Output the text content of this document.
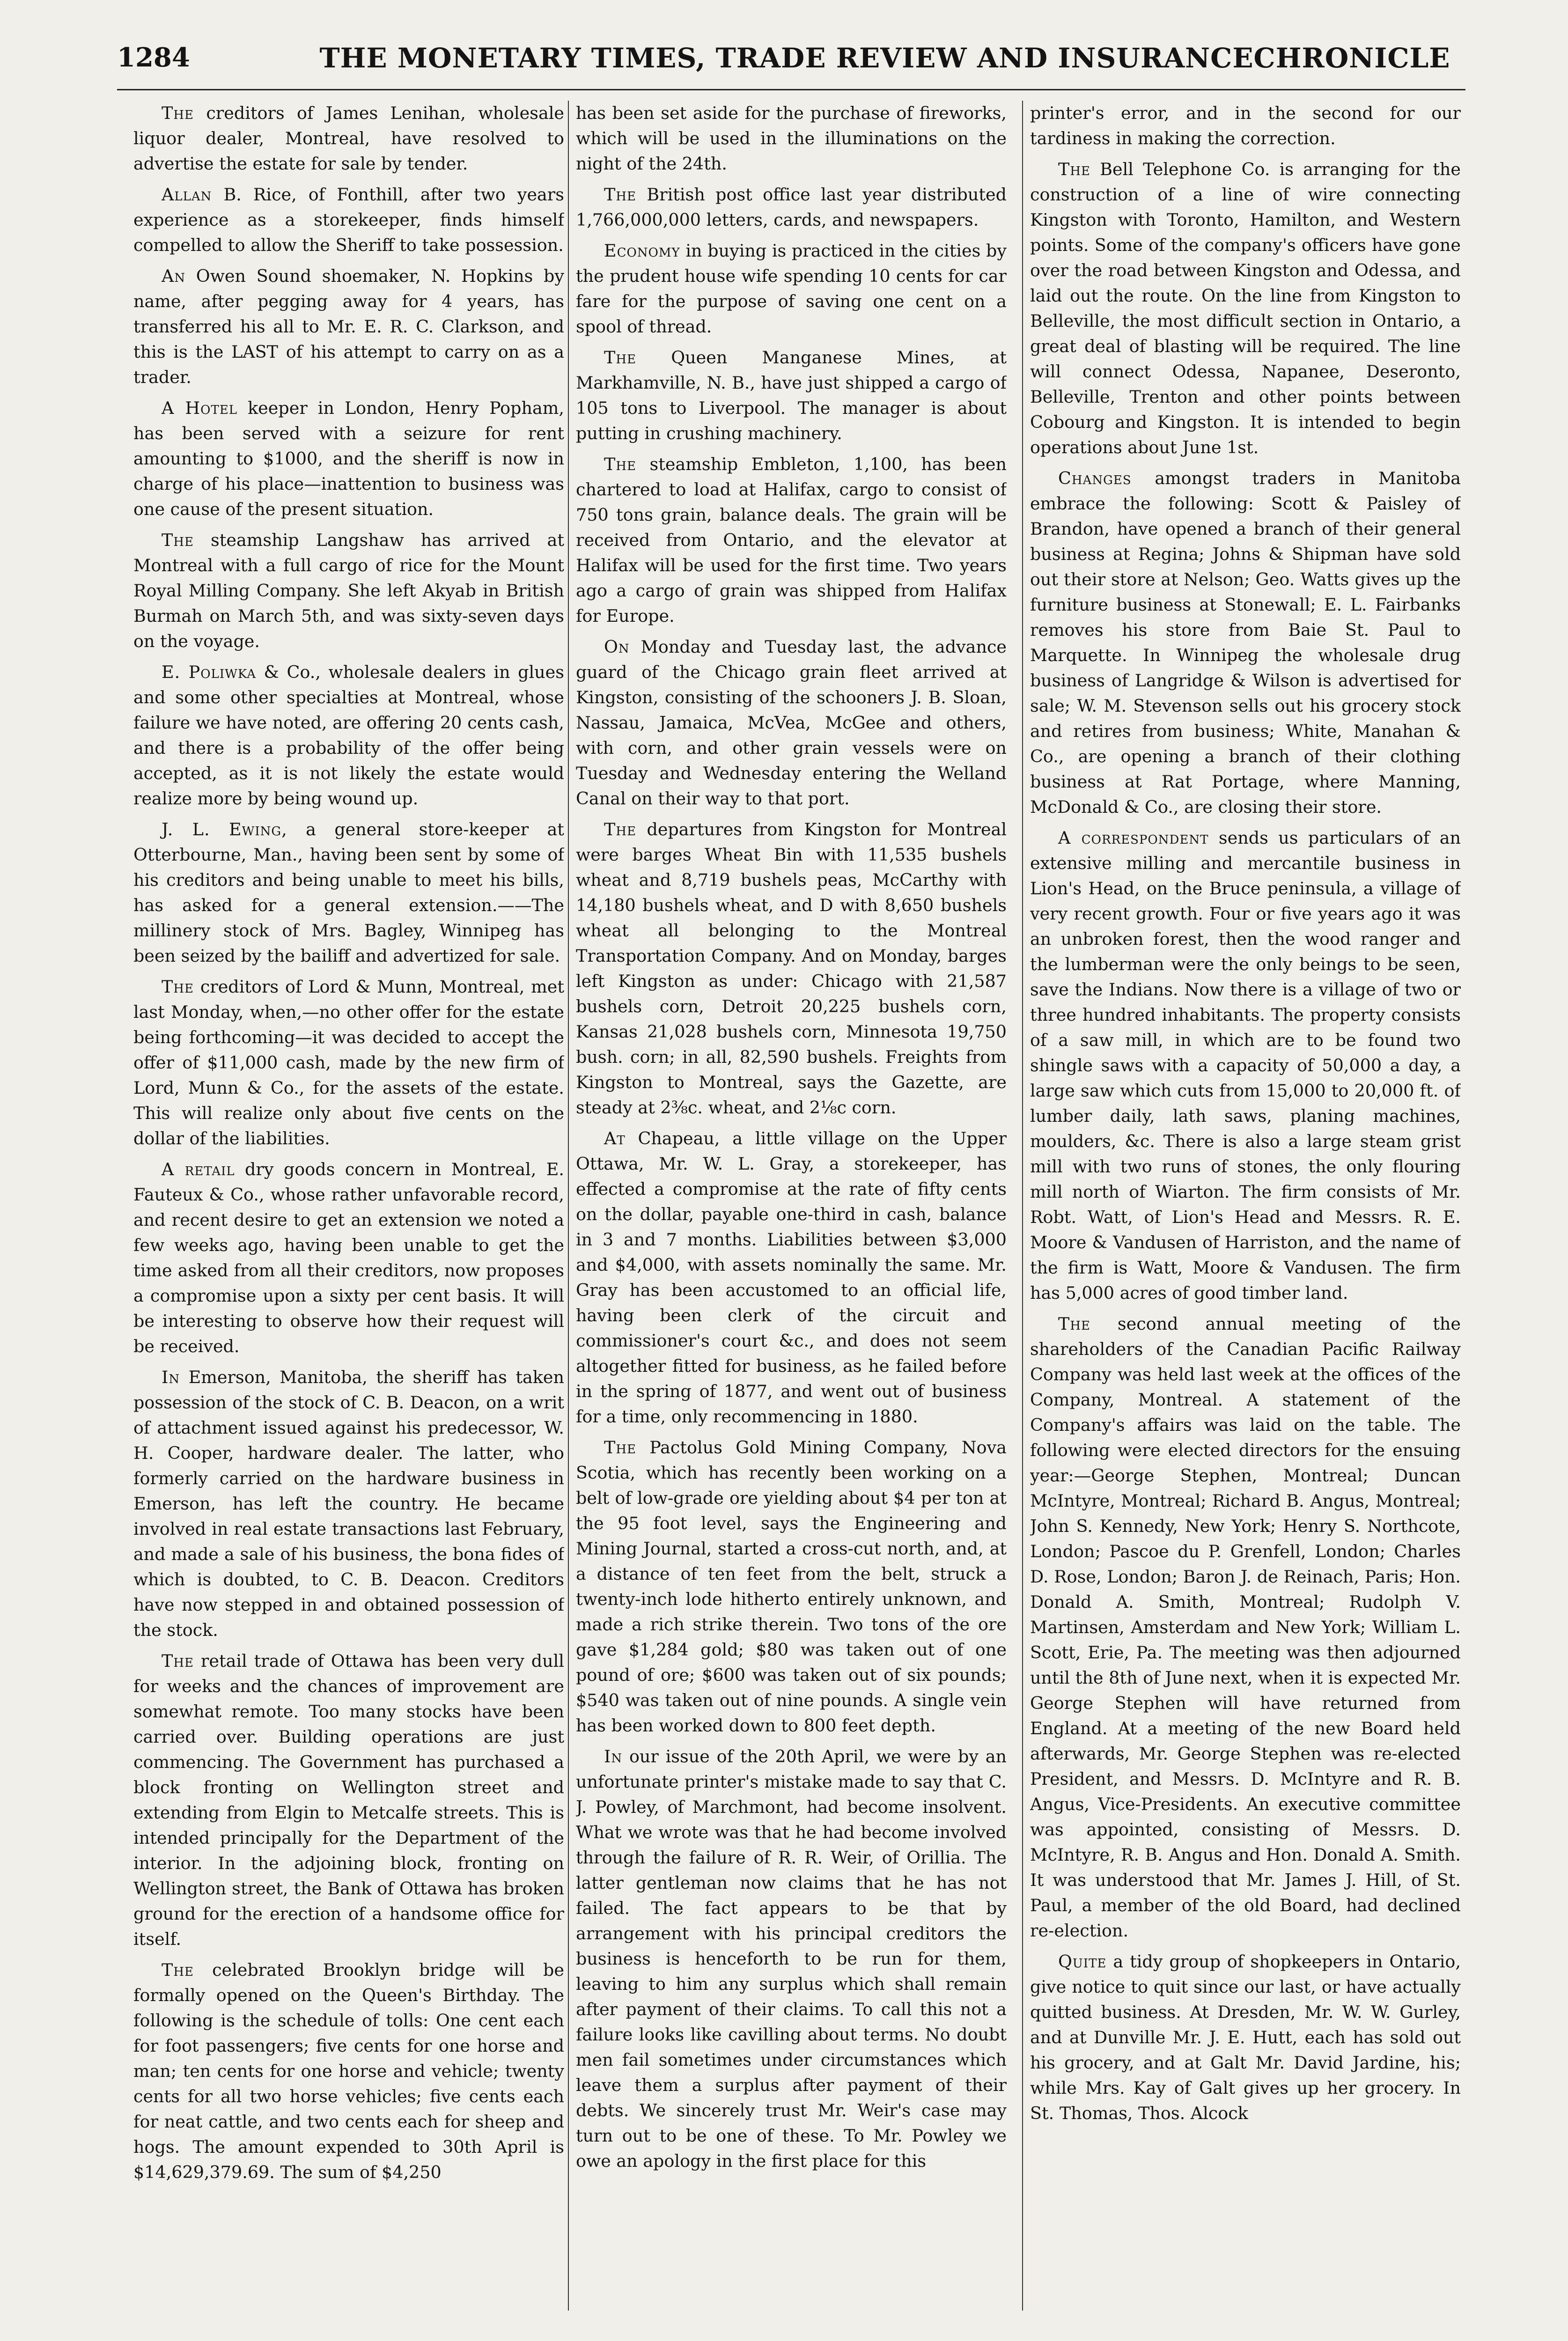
1284	THE MONETARY TIMES, TRADE REVIEW AND INSURANCECHRONICLE

The creditors of James Lenihan, wholesale liquor dealer, Montreal, have resolved to advertise the estate for sale by tender.

Allan B. Rice, of Fonthill, after two years experience as a storekeeper, finds himself compelled to allow the Sheriff to take possession.

An Owen Sound shoemaker, N. Hopkins by name, after pegging away for 4 years, has transferred his all to Mr. E. R. C. Clarkson, and this is the LAST of his attempt to carry on as a trader.

A Hotel keeper in London, Henry Popham, has been served with a seizure for rent amounting to $1000, and the sheriff is now in charge of his place—inattention to business was one cause of the present situation.

The steamship Langshaw has arrived at Montreal with a full cargo of rice for the Mount Royal Milling Company. She left Akyab in British Burmah on March 5th, and was sixty-seven days on the voyage.

E. Poliwka & Co., wholesale dealers in glues and some other specialties at Montreal, whose failure we have noted, are offering 20 cents cash, and there is a probability of the offer being accepted, as it is not likely the estate would realize more by being wound up.

J. L. Ewing, a general store-keeper at Otterbourne, Man., having been sent by some of his creditors and being unable to meet his bills, has asked for a general extension.——The millinery stock of Mrs. Bagley, Winnipeg has been seized by the bailiff and advertized for sale.

The creditors of Lord & Munn, Montreal, met last Monday, when,—no other offer for the estate being forthcoming—it was decided to accept the offer of $11,000 cash, made by the new firm of Lord, Munn & Co., for the assets of the estate. This will realize only about five cents on the dollar of the liabilities.

A retail dry goods concern in Montreal, E. Fauteux & Co., whose rather unfavorable record, and recent desire to get an extension we noted a few weeks ago, having been unable to get the time asked from all their creditors, now proposes a compromise upon a sixty per cent basis. It will be interesting to observe how their request will be received.

In Emerson, Manitoba, the sheriff has taken possession of the stock of C. B. Deacon, on a writ of attachment issued against his predecessor, W. H. Cooper, hardware dealer. The latter, who formerly carried on the hardware business in Emerson, has left the country. He became involved in real estate transactions last February, and made a sale of his business, the bona fides of which is doubted, to C. B. Deacon. Creditors have now stepped in and obtained possession of the stock.

The retail trade of Ottawa has been very dull for weeks and the chances of improvement are somewhat remote. Too many stocks have been carried over. Building operations are just commencing. The Government has purchased a block fronting on Wellington street and extending from Elgin to Metcalfe streets. This is intended principally for the Department of the interior. In the adjoining block, fronting on Wellington street, the Bank of Ottawa has broken ground for the erection of a handsome office for itself.

The celebrated Brooklyn bridge will be formally opened on the Queen's Birthday. The following is the schedule of tolls: One cent each for foot passengers; five cents for one horse and man; ten cents for one horse and vehicle; twenty cents for all two horse vehicles; five cents each for neat cattle, and two cents each for sheep and hogs. The amount expended to 30th April is $14,629,379.69. The sum of $4,250

has been set aside for the purchase of fireworks, which will be used in the illuminations on the night of the 24th.

The British post office last year distributed 1,766,000,000 letters, cards, and newspapers.

Economy in buying is practiced in the cities by the prudent house wife spending 10 cents for car fare for the purpose of saving one cent on a spool of thread.

The Queen Manganese Mines, at Markhamville, N. B., have just shipped a cargo of 105 tons to Liverpool. The manager is about putting in crushing machinery.

The steamship Embleton, 1,100, has been chartered to load at Halifax, cargo to consist of 750 tons grain, balance deals. The grain will be received from Ontario, and the elevator at Halifax will be used for the first time. Two years ago a cargo of grain was shipped from Halifax for Europe.

On Monday and Tuesday last, the advance guard of the Chicago grain fleet arrived at Kingston, consisting of the schooners J. B. Sloan, Nassau, Jamaica, McVea, McGee and others, with corn, and other grain vessels were on Tuesday and Wednesday entering the Welland Canal on their way to that port.

The departures from Kingston for Montreal were barges Wheat Bin with 11,535 bushels wheat and 8,719 bushels peas, McCarthy with 14,180 bushels wheat, and D with 8,650 bushels wheat all belonging to the Montreal Transportation Company. And on Monday, barges left Kingston as under: Chicago with 21,587 bushels corn, Detroit 20,225 bushels corn, Kansas 21,028 bushels corn, Minnesota 19,750 bush. corn; in all, 82,590 bushels. Freights from Kingston to Montreal, says the Gazette, are steady at 2⅜c. wheat, and 2⅛c corn.

At Chapeau, a little village on the Upper Ottawa, Mr. W. L. Gray, a storekeeper, has effected a compromise at the rate of fifty cents on the dollar, payable one-third in cash, balance in 3 and 7 months. Liabilities between $3,000 and $4,000, with assets nominally the same. Mr. Gray has been accustomed to an official life, having been clerk of the circuit and commissioner's court &c., and does not seem altogether fitted for business, as he failed before in the spring of 1877, and went out of business for a time, only recommencing in 1880.

The Pactolus Gold Mining Company, Nova Scotia, which has recently been working on a belt of low-grade ore yielding about $4 per ton at the 95 foot level, says the Engineering and Mining Journal, started a cross-cut north, and, at a distance of ten feet from the belt, struck a twenty-inch lode hitherto entirely unknown, and made a rich strike therein. Two tons of the ore gave $1,284 gold; $80 was taken out of one pound of ore; $600 was taken out of six pounds; $540 was taken out of nine pounds. A single vein has been worked down to 800 feet depth.

In our issue of the 20th April, we were by an unfortunate printer's mistake made to say that C. J. Powley, of Marchmont, had become insolvent. What we wrote was that he had become involved through the failure of R. R. Weir, of Orillia. The latter gentleman now claims that he has not failed. The fact appears to be that by arrangement with his principal creditors the business is henceforth to be run for them, leaving to him any surplus which shall remain after payment of their claims. To call this not a failure looks like cavilling about terms. No doubt men fail sometimes under circumstances which leave them a surplus after payment of their debts. We sincerely trust Mr. Weir's case may turn out to be one of these. To Mr. Powley we owe an apology in the first place for this

printer's error, and in the second for our tardiness in making the correction.

The Bell Telephone Co. is arranging for the construction of a line of wire connecting Kingston with Toronto, Hamilton, and Western points. Some of the company's officers have gone over the road between Kingston and Odessa, and laid out the route. On the line from Kingston to Belleville, the most difficult section in Ontario, a great deal of blasting will be required. The line will connect Odessa, Napanee, Deseronto, Belleville, Trenton and other points between Cobourg and Kingston. It is intended to begin operations about June 1st.

Changes amongst traders in Manitoba embrace the following: Scott & Paisley of Brandon, have opened a branch of their general business at Regina; Johns & Shipman have sold out their store at Nelson; Geo. Watts gives up the furniture business at Stonewall; E. L. Fairbanks removes his store from Baie St. Paul to Marquette. In Winnipeg the wholesale drug business of Langridge & Wilson is advertised for sale; W. M. Stevenson sells out his grocery stock and retires from business; White, Manahan & Co., are opening a branch of their clothing business at Rat Portage, where Manning, McDonald & Co., are closing their store.

A correspondent sends us particulars of an extensive milling and mercantile business in Lion's Head, on the Bruce peninsula, a village of very recent growth. Four or five years ago it was an unbroken forest, then the wood ranger and the lumberman were the only beings to be seen, save the Indians. Now there is a village of two or three hundred inhabitants. The property consists of a saw mill, in which are to be found two shingle saws with a capacity of 50,000 a day, a large saw which cuts from 15,000 to 20,000 ft. of lumber daily, lath saws, planing machines, moulders, &c. There is also a large steam grist mill with two runs of stones, the only flouring mill north of Wiarton. The firm consists of Mr. Robt. Watt, of Lion's Head and Messrs. R. E. Moore & Vandusen of Harriston, and the name of the firm is Watt, Moore & Vandusen. The firm has 5,000 acres of good timber land.

The second annual meeting of the shareholders of the Canadian Pacific Railway Company was held last week at the offices of the Company, Montreal. A statement of the Company's affairs was laid on the table. The following were elected directors for the ensuing year:—George Stephen, Montreal; Duncan McIntyre, Montreal; Richard B. Angus, Montreal; John S. Kennedy, New York; Henry S. Northcote, London; Pascoe du P. Grenfell, London; Charles D. Rose, London; Baron J. de Reinach, Paris; Hon. Donald A. Smith, Montreal; Rudolph V. Martinsen, Amsterdam and New York; William L. Scott, Erie, Pa. The meeting was then adjourned until the 8th of June next, when it is expected Mr. George Stephen will have returned from England. At a meeting of the new Board held afterwards, Mr. George Stephen was re-elected President, and Messrs. D. McIntyre and R. B. Angus, Vice-Presidents. An executive committee was appointed, consisting of Messrs. D. McIntyre, R. B. Angus and Hon. Donald A. Smith. It was understood that Mr. James J. Hill, of St. Paul, a member of the old Board, had declined re-election.

Quite a tidy group of shopkeepers in Ontario, give notice to quit since our last, or have actually quitted business. At Dresden, Mr. W. W. Gurley, and at Dunville Mr. J. E. Hutt, each has sold out his grocery, and at Galt Mr. David Jardine, his; while Mrs. Kay of Galt gives up her grocery. In St. Thomas, Thos. Alcock
